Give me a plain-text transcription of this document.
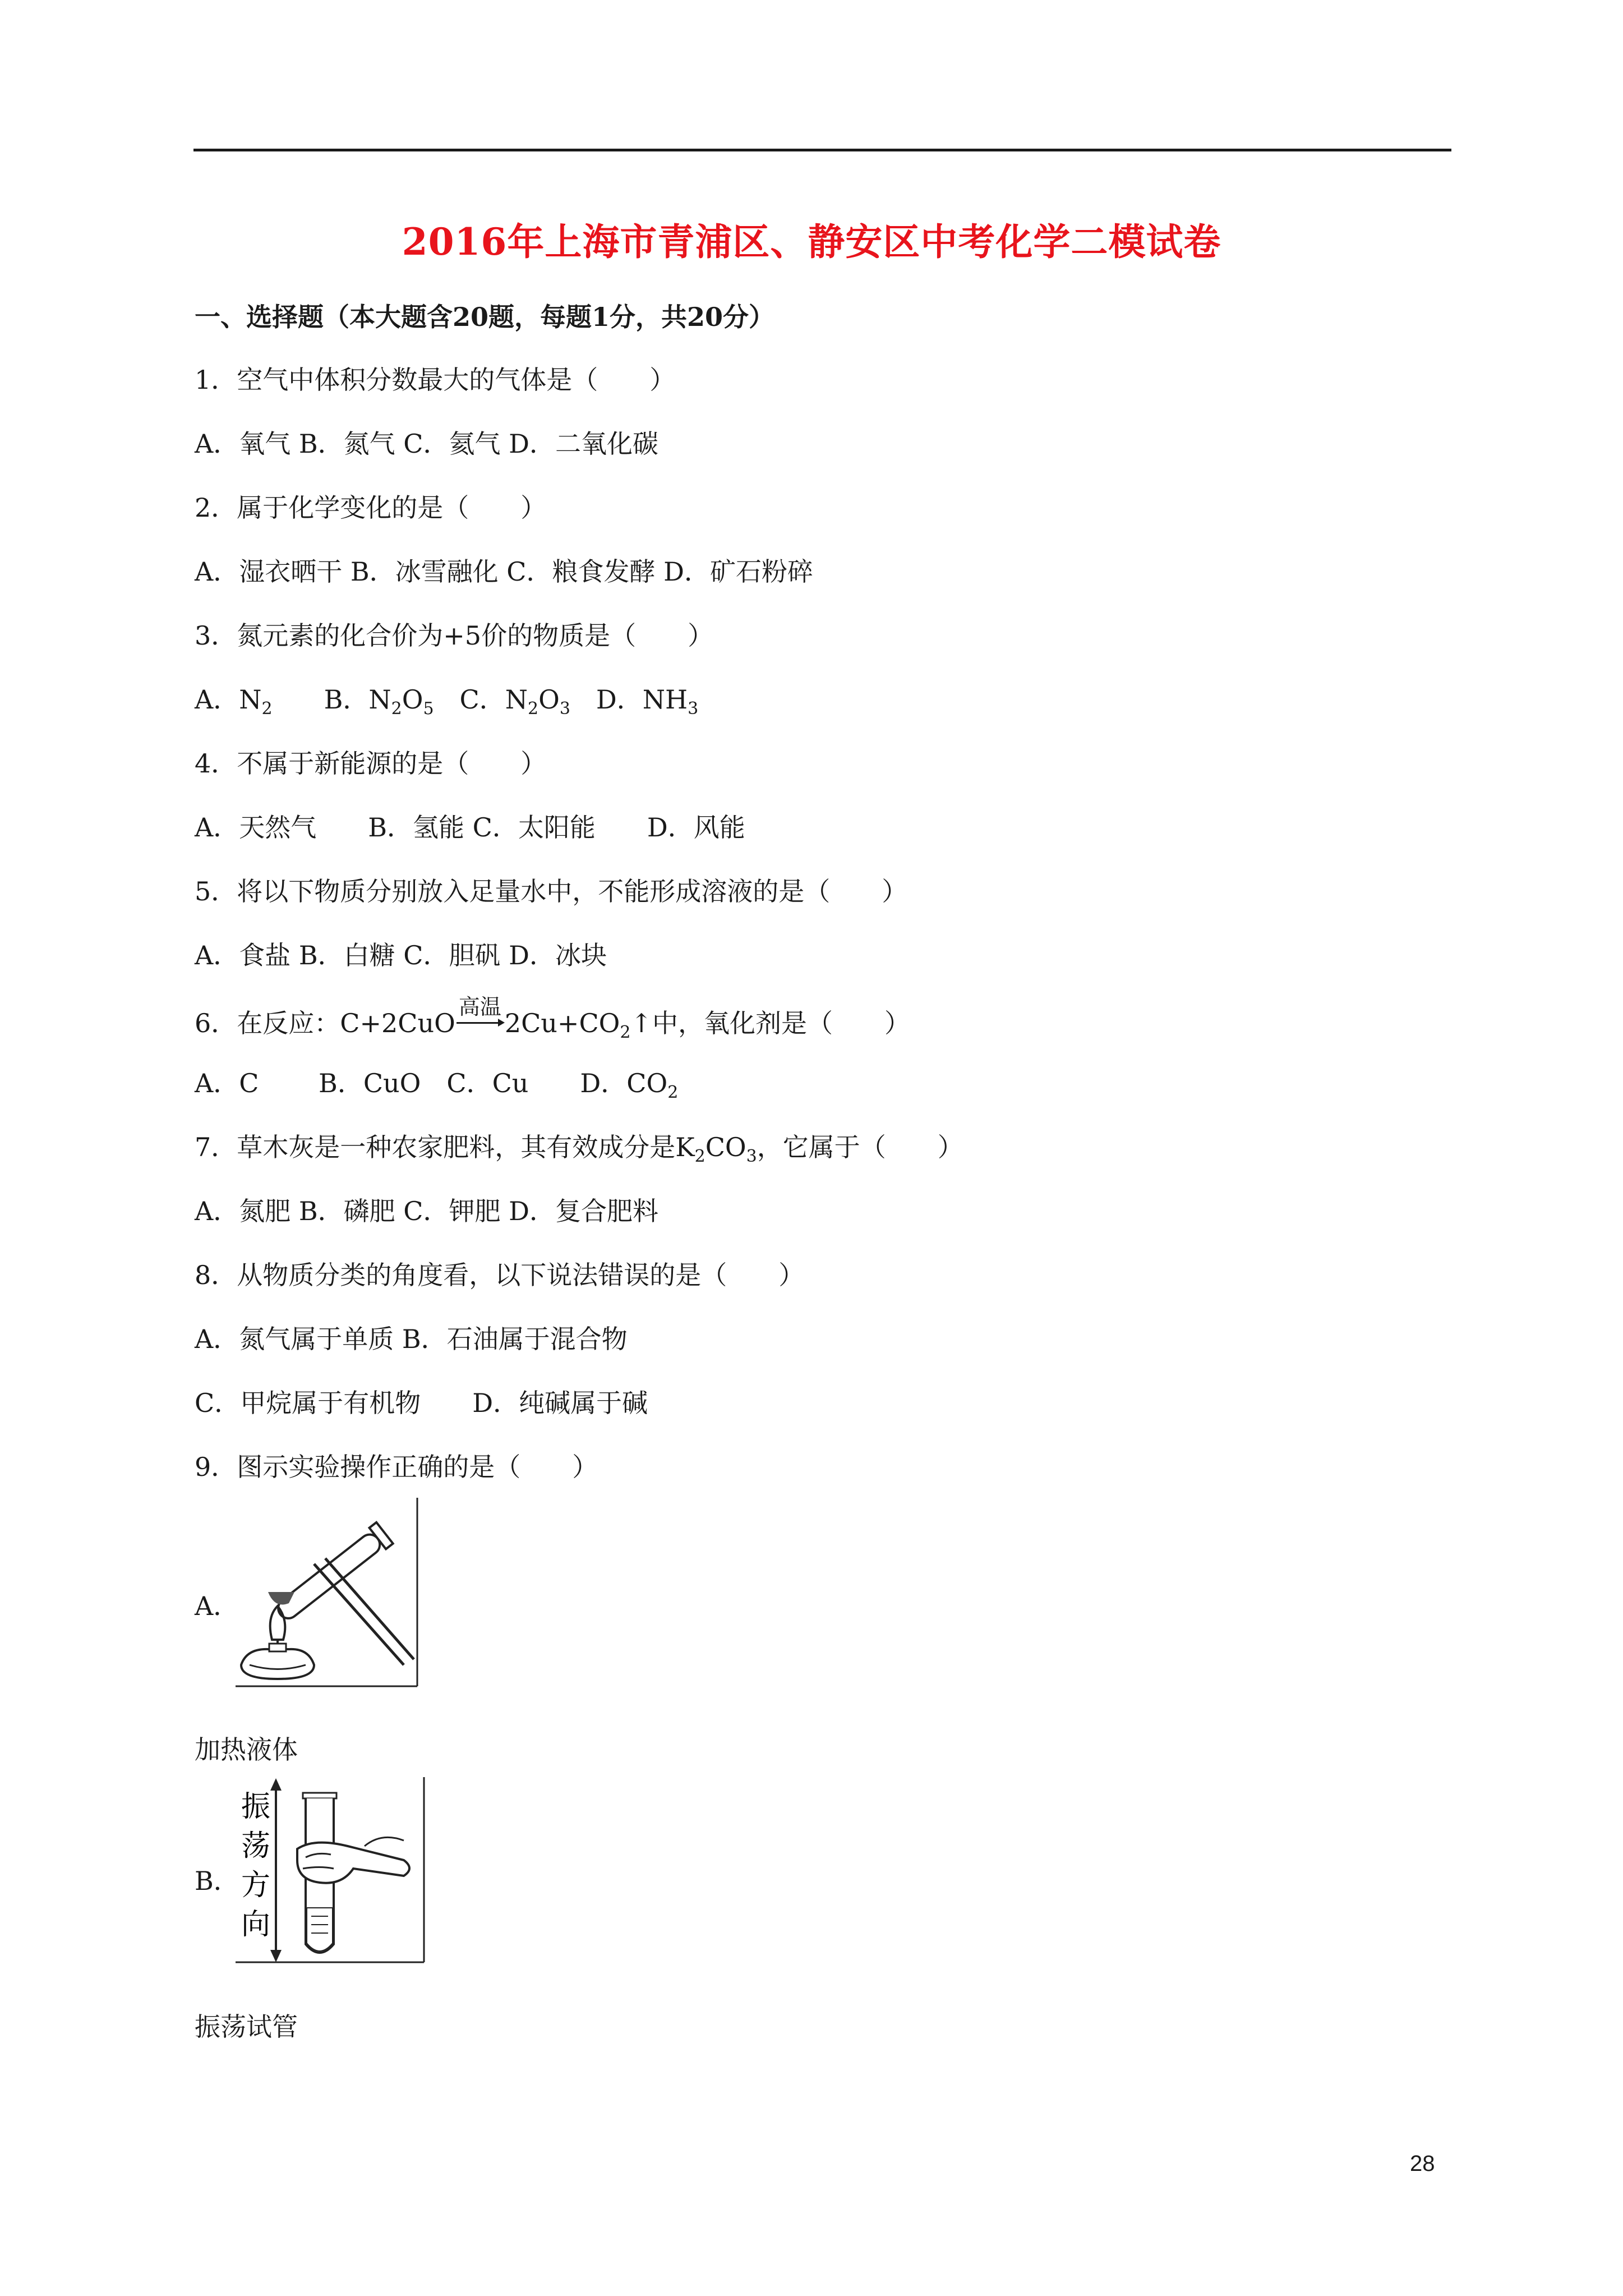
2016年上海市青浦区、静安区中考化学二模试卷
一、选择题（本大题含20题，每题1分，共20分）
1．空气中体积分数最大的气体是（　　）
A．氧气 B．氮气 C．氦气 D．二氧化碳
2．属于化学变化的是（　　）
A．湿衣晒干 B．冰雪融化 C．粮食发酵 D．矿石粉碎
3．氮元素的化合价为+5价的物质是（　　）
A．$N_2$　　B．$N_2O_5$　C．$N_2O_3$　D．$NH_3$
4．不属于新能源的是（　　）
A．天然气　　B．氢能 C．太阳能　　D．风能
5．将以下物质分别放入足量水中，不能形成溶液的是（　　）
A．食盐 B．白糖 C．胆矾 D．冰块
6．在反应：C+2CuO
高温
$2Cu+CO_2↑$中，氧化剂是（　　）
A．C　　 B．CuO　C．Cu　　D．$CO_2$
7．草木灰是一种农家肥料，其有效成分是$K_2CO_3$，它属于（　　）
A．氮肥 B．磷肥 C．钾肥 D．复合肥料
8．从物质分类的角度看，以下说法错误的是（　　）
A．氮气属于单质 B．石油属于混合物
C．甲烷属于有机物　　D．纯碱属于碱
9．图示实验操作正确的是（　　）
A．
加热液体
B．
振
荡
方
向
振荡试管
28
